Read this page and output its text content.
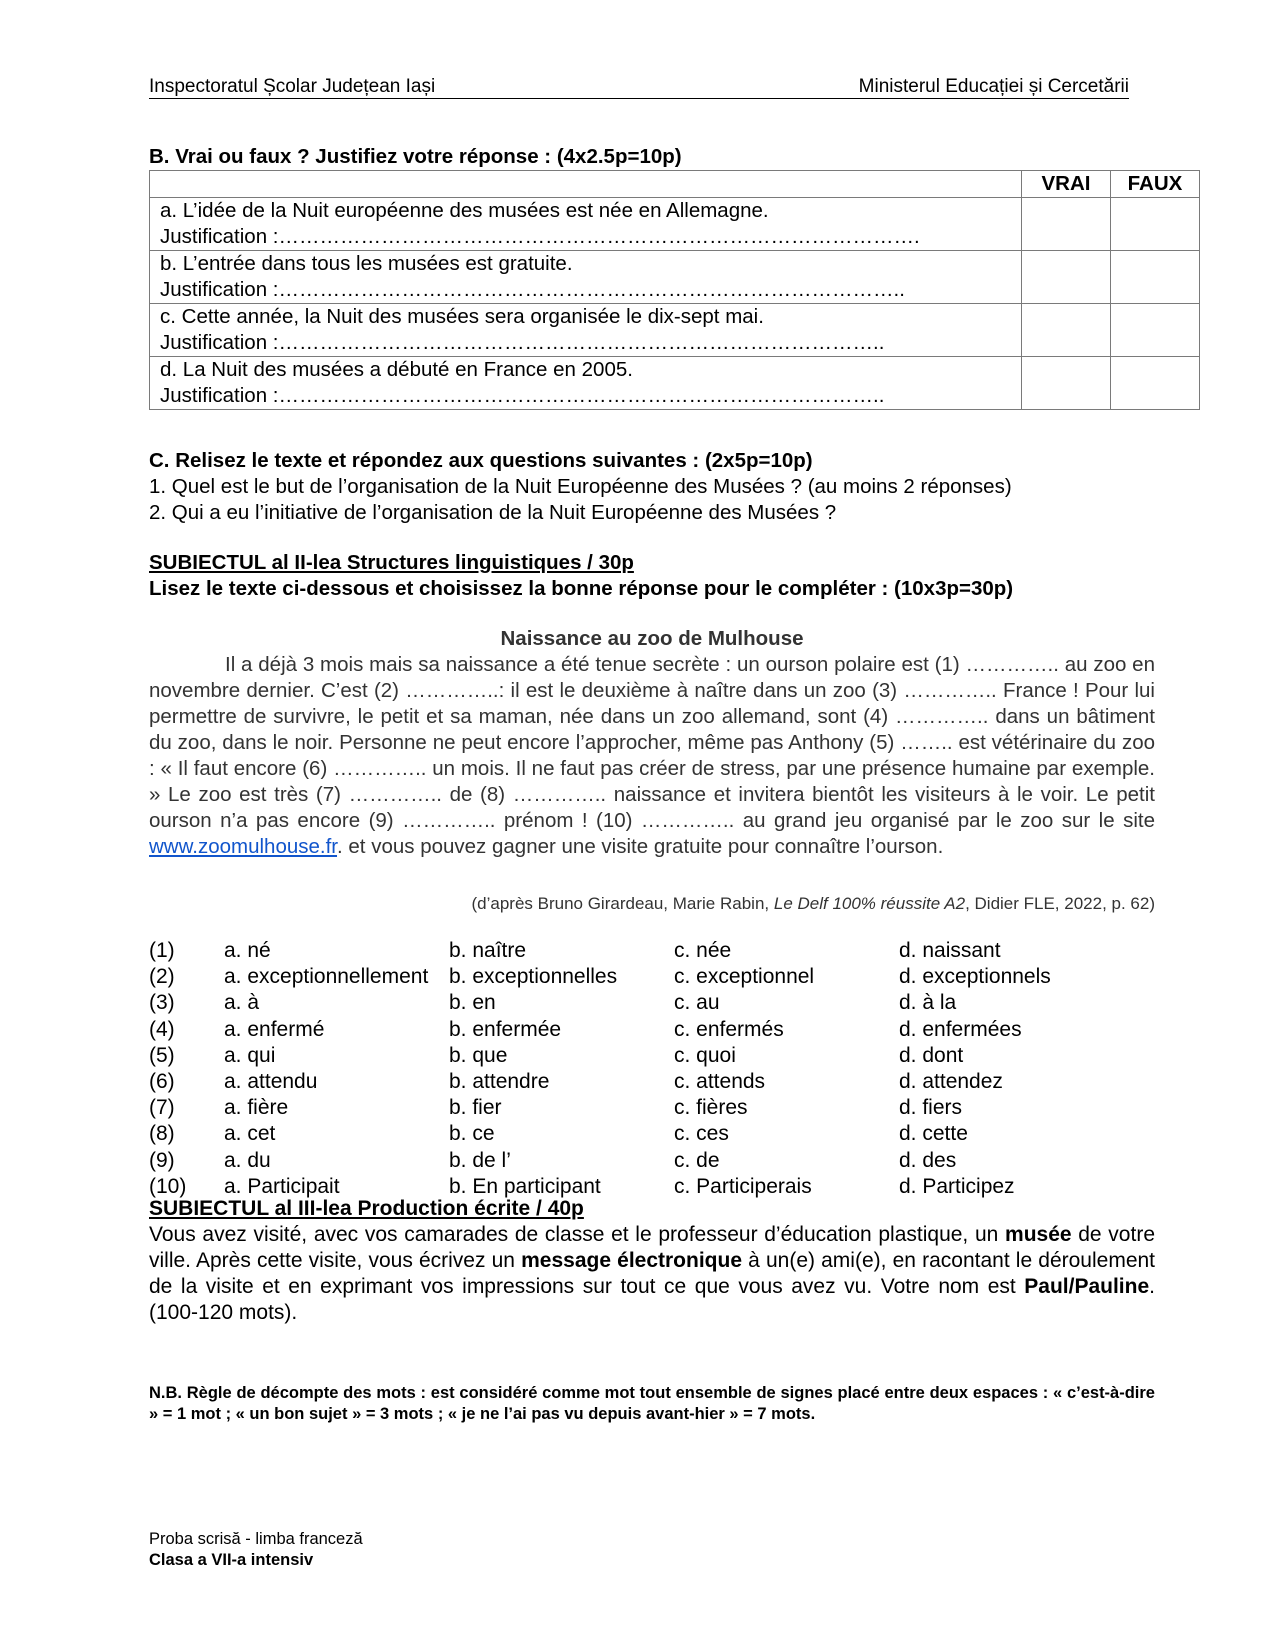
Inspectoratul Școlar Județean Iași	Ministerul Educației și Cercetării
B. Vrai ou faux ? Justifiez votre réponse : (4x2.5p=10p)
	VRAI	FAUX

a. L’idée de la Nuit européenne des musées est née en Allemagne.
Justification :………………………………………………………………………………….		

b. L’entrée dans tous les musées est gratuite.
Justification :………………………………………………………………………………..		

c. Cette année, la Nuit des musées sera organisée le dix-sept mai.
Justification :……………………………………………………………………………..		

d. La Nuit des musées a débuté en France en 2005.
Justification :……………………………………………………………………………..		

C. Relisez le texte et répondez aux questions suivantes : (2x5p=10p)
1. Quel est le but de l’organisation de la Nuit Européenne des Musées ? (au moins 2 réponses)
2. Qui a eu l’initiative de l’organisation de la Nuit Européenne des Musées ?
SUBIECTUL al II-lea Structures linguistiques / 30p
Lisez le texte ci-dessous et choisissez la bonne réponse pour le compléter : (10x3p=30p)
Naissance au zoo de Mulhouse

Il a déjà 3 mois mais sa naissance a été tenue secrète : un ourson polaire est (1) ………….. au zoo en novembre dernier. C’est (2) …………..: il est le deuxième à naître dans un zoo (3) ………….. France ! Pour lui permettre de survivre, le petit et sa maman, née dans un zoo allemand, sont (4) ………….. dans un bâtiment du zoo, dans le noir. Personne ne peut encore l’approcher, même pas Anthony (5) …….. est vétérinaire du zoo : « Il faut encore (6) ………….. un mois. Il ne faut pas créer de stress, par une présence humaine par exemple. » Le zoo est très (7) ………….. de (8) ………….. naissance et invitera bientôt les visiteurs à le voir. Le petit ourson n’a pas encore (9) ………….. prénom ! (10) ………….. au grand jeu organisé par le zoo sur le site www.zoomulhouse.fr. et vous pouvez gagner une visite gratuite pour connaître l’ourson.

(d’après Bruno Girardeau, Marie Rabin, Le Delf 100% réussite A2, Didier FLE, 2022, p. 62)
(1) a. né	b. naître	c. née	d. naissant
(2) a. exceptionnellement b. exceptionnelles	c. exceptionnel	d. exceptionnels
(3) a. à	b. en	c. au	d. à la
(4) a. enfermé	b. enfermée	c. enfermés	d. enfermées
(5) a. qui	b. que	c. quoi	d. dont
(6) a. attendu	b. attendre	c. attends	d. attendez
(7) a. fière	b. fier	c. fières	d. fiers
(8) a. cet	b. ce	c. ces	d. cette
(9) a. du	b. de l’	c. de	d. des
(10) a. Participait	b. En participant	c. Participerais	d. Participez
SUBIECTUL al III-lea Production écrite / 40p
Vous avez visité, avec vos camarades de classe et le professeur d’éducation plastique, un musée de votre ville. Après cette visite, vous écrivez un message électronique à un(e) ami(e), en racontant le déroulement de la visite et en exprimant vos impressions sur tout ce que vous avez vu. Votre nom est Paul/Pauline. (100-120 mots).
N.B. Règle de décompte des mots : est considéré comme mot tout ensemble de signes placé entre deux espaces : « c’est-à-dire » = 1 mot ; « un bon sujet » = 3 mots ; « je ne l’ai pas vu depuis avant-hier » = 7 mots.
Proba scrisă - limba franceză
Clasa a VII-a intensiv
